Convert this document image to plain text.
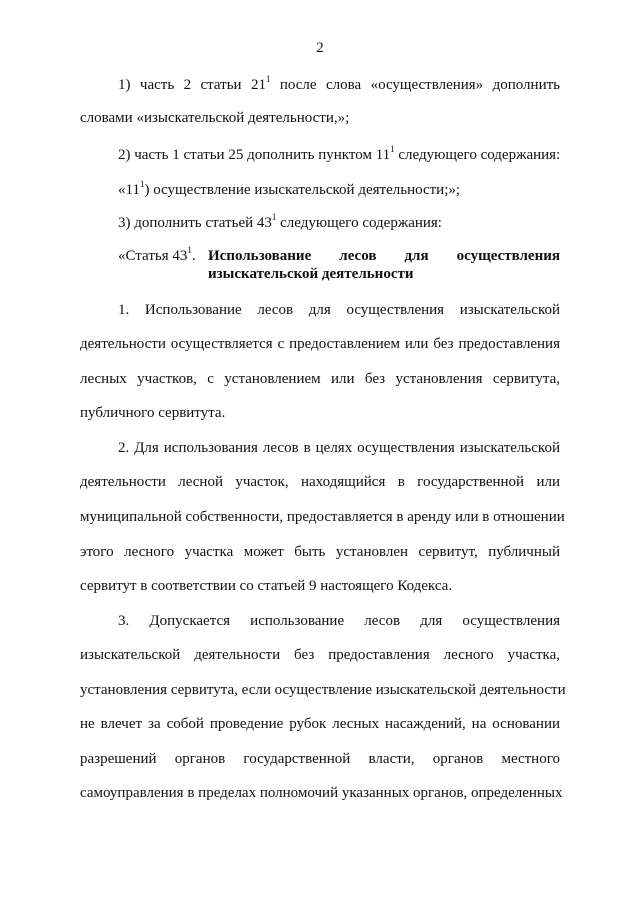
2
1) часть 2 статьи $21^1$ после слова «осуществления» дополнить
словами «изыскательской деятельности,»;
2) часть 1 статьи 25 дополнить пунктом $11^1$ следующего содержания:
«$11^1$) осуществление изыскательской деятельности;»;
3) дополнить статьей $43^1$ следующего содержания:
«Статья $43^1$. Использование лесов для осуществления
изыскательской деятельности
1. Использование лесов для осуществления изыскательской
деятельности осуществляется с предоставлением или без предоставления
лесных участков, с установлением или без установления сервитута,
публичного сервитута.
2. Для использования лесов в целях осуществления изыскательской
деятельности лесной участок, находящийся в государственной или
муниципальной собственности, предоставляется в аренду или в отношении
этого лесного участка может быть установлен сервитут, публичный
сервитут в соответствии со статьей 9 настоящего Кодекса.
3. Допускается использование лесов для осуществления
изыскательской деятельности без предоставления лесного участка,
установления сервитута, если осуществление изыскательской деятельности
не влечет за собой проведение рубок лесных насаждений, на основании
разрешений органов государственной власти, органов местного
самоуправления в пределах полномочий указанных органов, определенных
